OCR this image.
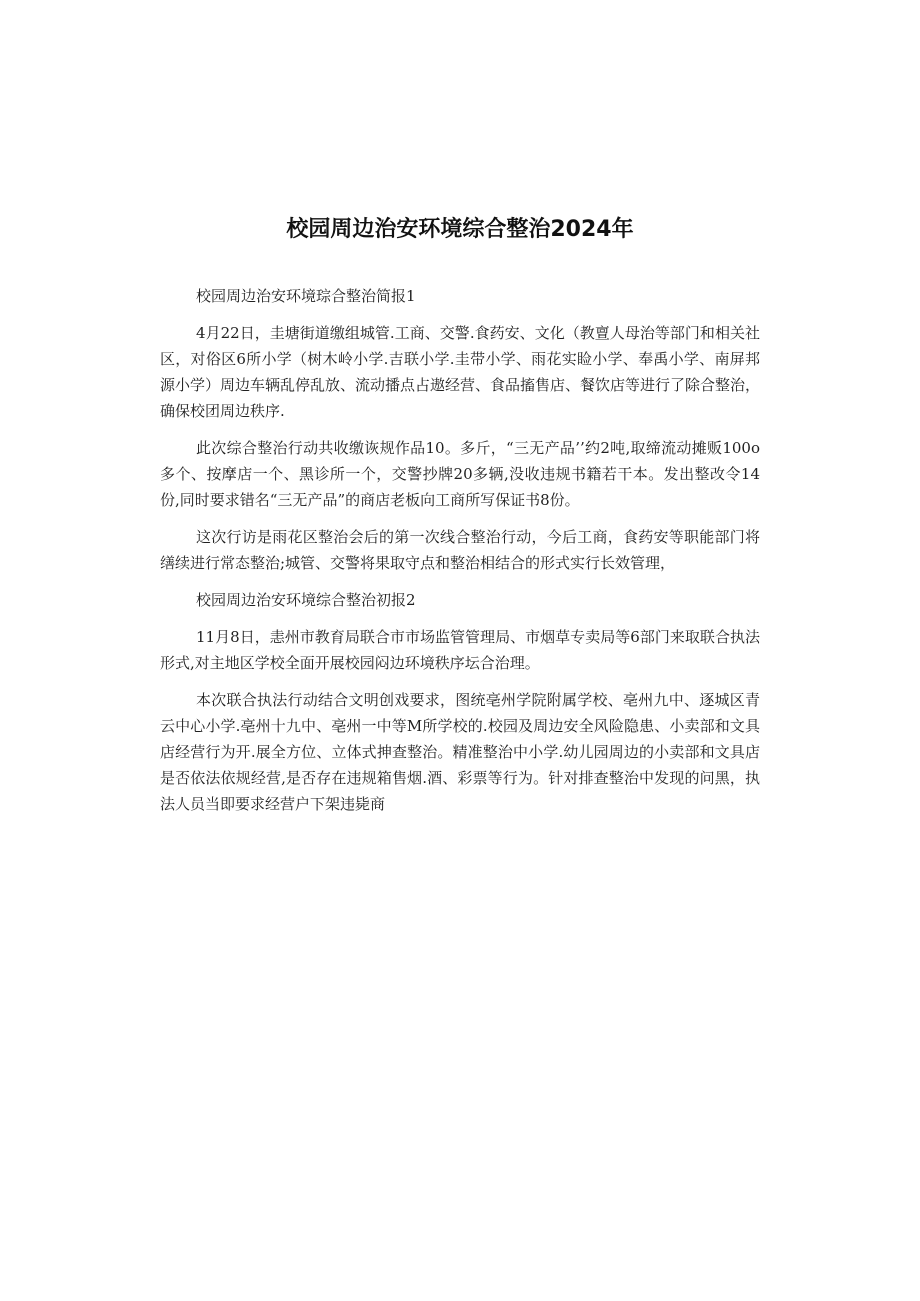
校园周边治安环境综合整治2024年

校园周边治安环境琮合整治简报1

4月22日，圭塘街道缴组城管.工商、交警.食药安、文化（教亶人母治等部门和相关社区，对俗区6所小学（树木岭小学.吉联小学.圭带小学、雨花实睑小学、奉禹小学、南屏邦源小学）周边车辆乱停乱放、流动播点占遨经营、食品搐售店、餐饮店等进行了除合整治，确保校团周边秩序.

此次综合整治行动共收缴诙规作品10。多斤，“三无产品’’约2吨,取缔流动摊贩100o多个、按摩店一个、黑诊所一个，交警抄牌20多辆,没收违规书籍若干本。发出整改令14份,同时要求错名“三无产品”的商店老板向工商所写保证书8份。

这次行访是雨花区整治会后的第一次线合整治行动，今后工商，食药安等职能部门将缮续进行常态整治;城管、交警将果取守点和整治相结合的形式实行长效管理，

校园周边治安环境综合整治初报2

11月8日，恚州市教育局联合市市场监管管理局、市烟草专卖局等6部门来取联合执法形式,对主地区学校全面开展校园闷边环境秩序坛合治理。

本次联合执法行动结合文明创戏要求，图统亳州学院附属学校、亳州九中、逐城区青云中心小学.亳州十九中、亳州一中等M所学校的.校园及周边安全风险隐患、小卖部和文具店经营行为开.展全方位、立体式抻查整治。精准整治中小学.幼儿园周边的小卖部和文具店是否依法依规经营,是否存在违规箱售烟.酒、彩票等行为。针对排查整治中发现的问黑，执法人员当即要求经营户下架违毙商
